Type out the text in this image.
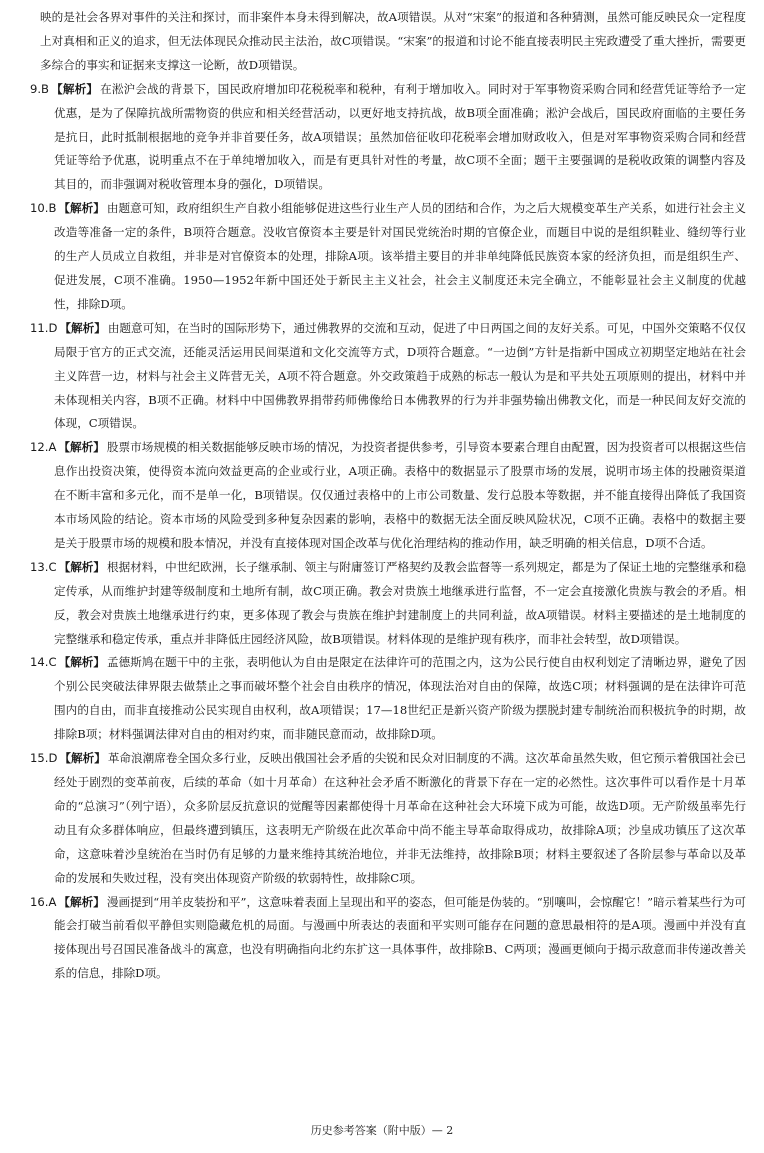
映的是社会各界对事件的关注和探讨，而非案件本身未得到解决，故A项错误。从对“宋案”的报道和各种猜测，虽然可能反映民众一定程度上对真相和正义的追求，但无法体现民众推动民主法治，故C项错误。“宋案”的报道和讨论不能直接表明民主宪政遭受了重大挫折，需要更多综合的事实和证据来支撑这一论断，故D项错误。

9.B 【解析】 在淞沪会战的背景下，国民政府增加印花税税率和税种，有利于增加收入。同时对于军事物资采购合同和经营凭证等给予一定优惠，是为了保障抗战所需物资的供应和相关经营活动，以更好地支持抗战，故B项全面准确；淞沪会战后，国民政府面临的主要任务是抗日，此时抵制根据地的竞争并非首要任务，故A项错误；虽然加倍征收印花税率会增加财政收入，但是对军事物资采购合同和经营凭证等给予优惠，说明重点不在于单纯增加收入，而是有更具针对性的考量，故C项不全面；题干主要强调的是税收政策的调整内容及其目的，而非强调对税收管理本身的强化，D项错误。

10.B 【解析】 由题意可知，政府组织生产自救小组能够促进这些行业生产人员的团结和合作，为之后大规模变革生产关系，如进行社会主义改造等准备一定的条件，B项符合题意。没收官僚资本主要是针对国民党统治时期的官僚企业，而题目中说的是组织鞋业、缝纫等行业的生产人员成立自救组，并非是对官僚资本的处理，排除A项。该举措主要目的并非单纯降低民族资本家的经济负担，而是组织生产、促进发展，C项不准确。1950—1952年新中国还处于新民主主义社会，社会主义制度还未完全确立，不能彰显社会主义制度的优越性，排除D项。

11.D 【解析】 由题意可知，在当时的国际形势下，通过佛教界的交流和互动，促进了中日两国之间的友好关系。可见，中国外交策略不仅仅局限于官方的正式交流，还能灵活运用民间渠道和文化交流等方式，D项符合题意。“一边倒”方针是指新中国成立初期坚定地站在社会主义阵营一边，材料与社会主义阵营无关，A项不符合题意。外交政策趋于成熟的标志一般认为是和平共处五项原则的提出，材料中并未体现相关内容，B项不正确。材料中中国佛教界捐带药师佛像给日本佛教界的行为并非强势输出佛教文化，而是一种民间友好交流的体现，C项错误。

12.A 【解析】 股票市场规模的相关数据能够反映市场的情况，为投资者提供参考，引导资本要素合理自由配置，因为投资者可以根据这些信息作出投资决策，使得资本流向效益更高的企业或行业，A项正确。表格中的数据显示了股票市场的发展，说明市场主体的投融资渠道在不断丰富和多元化，而不是单一化，B项错误。仅仅通过表格中的上市公司数量、发行总股本等数据，并不能直接得出降低了我国资本市场风险的结论。资本市场的风险受到多种复杂因素的影响，表格中的数据无法全面反映风险状况，C项不正确。表格中的数据主要是关于股票市场的规模和股本情况，并没有直接体现对国企改革与优化治理结构的推动作用，缺乏明确的相关信息，D项不合适。

13.C 【解析】 根据材料，中世纪欧洲，长子继承制、领主与附庸签订严格契约及教会监督等一系列规定，都是为了保证土地的完整继承和稳定传承，从而维护封建等级制度和土地所有制，故C项正确。教会对贵族土地继承进行监督，不一定会直接激化贵族与教会的矛盾。相反，教会对贵族土地继承进行约束，更多体现了教会与贵族在维护封建制度上的共同利益，故A项错误。材料主要描述的是土地制度的完整继承和稳定传承，重点并非降低庄园经济风险，故B项错误。材料体现的是维护现有秩序，而非社会转型，故D项错误。

14.C 【解析】 孟德斯鸠在题干中的主张，表明他认为自由是限定在法律许可的范围之内，这为公民行使自由权利划定了清晰边界，避免了因个别公民突破法律界限去做禁止之事而破坏整个社会自由秩序的情况，体现法治对自由的保障，故选C项；材料强调的是在法律许可范围内的自由，而非直接推动公民实现自由权利，故A项错误；17—18世纪正是新兴资产阶级为摆脱封建专制统治而积极抗争的时期，故排除B项；材料强调法律对自由的相对约束，而非随民意而动，故排除D项。

15.D 【解析】 革命浪潮席卷全国众多行业，反映出俄国社会矛盾的尖锐和民众对旧制度的不满。这次革命虽然失败，但它预示着俄国社会已经处于剧烈的变革前夜，后续的革命（如十月革命）在这种社会矛盾不断激化的背景下存在一定的必然性。这次事件可以看作是十月革命的“总演习”（列宁语），众多阶层反抗意识的觉醒等因素都使得十月革命在这种社会大环境下成为可能，故选D项。无产阶级虽率先行动且有众多群体响应，但最终遭到镇压，这表明无产阶级在此次革命中尚不能主导革命取得成功，故排除A项；沙皇成功镇压了这次革命，这意味着沙皇统治在当时仍有足够的力量来维持其统治地位，并非无法维持，故排除B项；材料主要叙述了各阶层参与革命以及革命的发展和失败过程，没有突出体现资产阶级的软弱特性，故排除C项。

16.A 【解析】 漫画提到“用羊皮装扮和平”，这意味着表面上呈现出和平的姿态，但可能是伪装的。“别嚷叫，会惊醒它！”暗示着某些行为可能会打破当前看似平静但实则隐藏危机的局面。与漫画中所表达的表面和平实则可能存在问题的意思最相符的是A项。漫画中并没有直接体现出号召国民准备战斗的寓意，也没有明确指向北约东扩这一具体事件，故排除B、C两项；漫画更倾向于揭示敌意而非传递改善关系的信息，排除D项。

历史参考答案（附中版）— 2
